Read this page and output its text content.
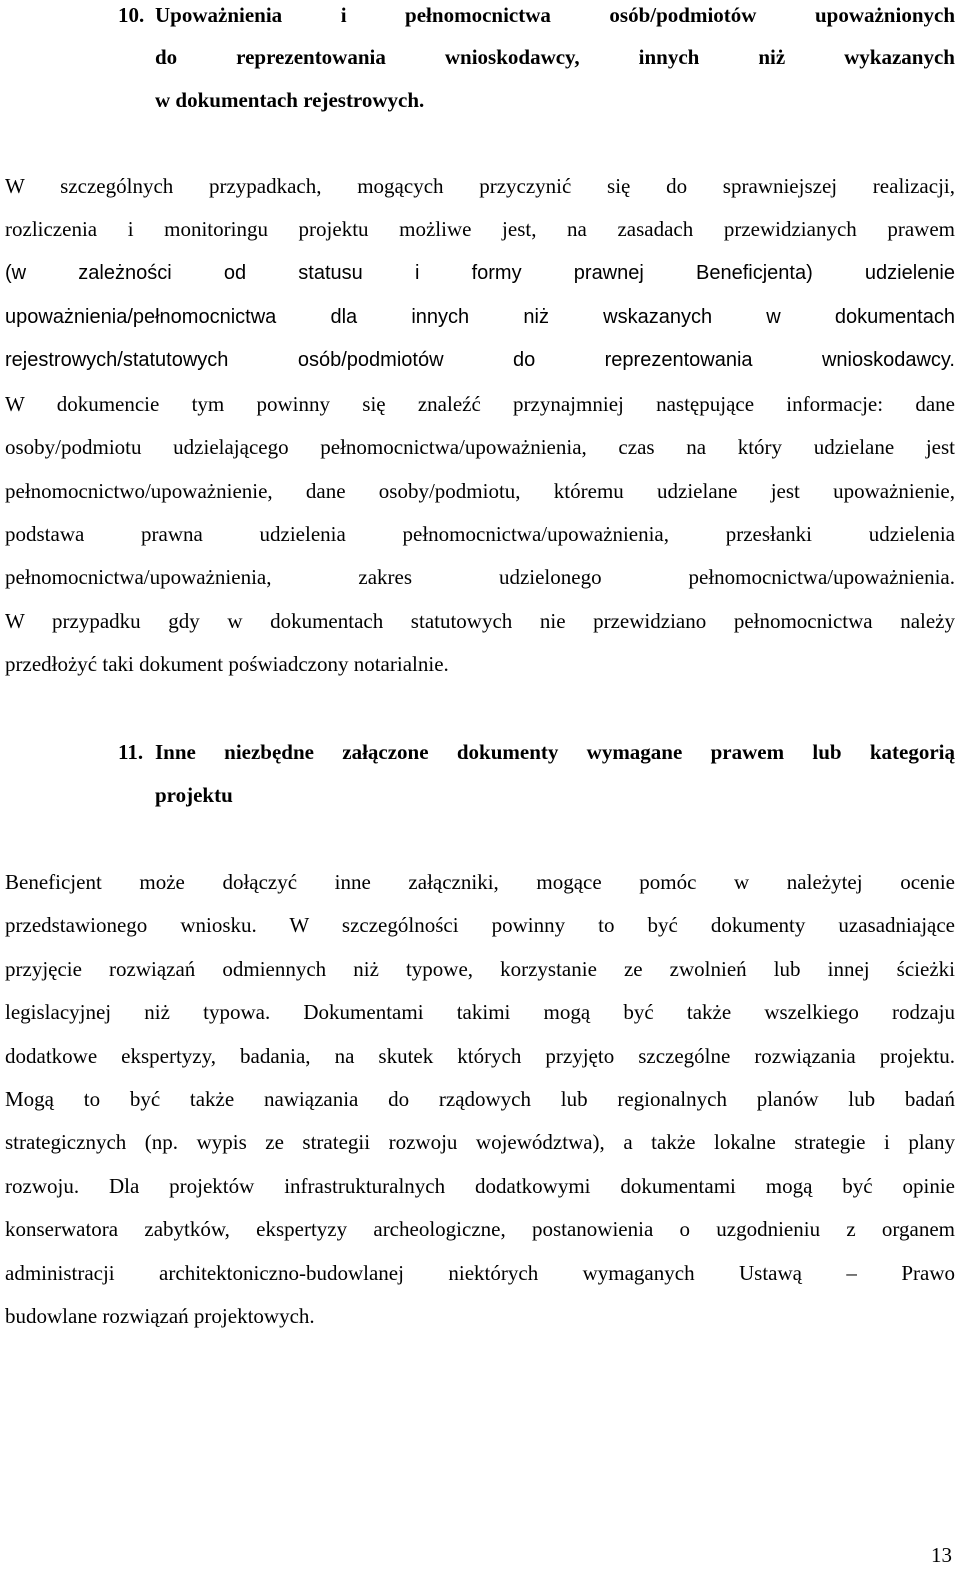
10. Upoważnienia i pełnomocnictwa osób/podmiotów upoważnionych
do reprezentowania wnioskodawcy, innych niż wykazanych
w dokumentach rejestrowych.
W szczególnych przypadkach, mogących przyczynić się do sprawniejszej realizacji,
rozliczenia i monitoringu projektu możliwe jest, na zasadach przewidzianych prawem
(w zależności od statusu i formy prawnej Beneficjenta) udzielenie
upoważnienia/pełnomocnictwa dla innych niż wskazanych w dokumentach
rejestrowych/statutowych osób/podmiotów do reprezentowania wnioskodawcy.
W dokumencie tym powinny się znaleźć przynajmniej następujące informacje: dane
osoby/podmiotu udzielającego pełnomocnictwa/upoważnienia, czas na który udzielane jest
pełnomocnictwo/upoważnienie, dane osoby/podmiotu, któremu udzielane jest upoważnienie,
podstawa prawna udzielenia pełnomocnictwa/upoważnienia, przesłanki udzielenia
pełnomocnictwa/upoważnienia, zakres udzielonego pełnomocnictwa/upoważnienia.
W przypadku gdy w dokumentach statutowych nie przewidziano pełnomocnictwa należy
przedłożyć taki dokument poświadczony notarialnie.
11. Inne niezbędne załączone dokumenty wymagane prawem lub kategorią
projektu
Beneficjent może dołączyć inne załączniki, mogące pomóc w należytej ocenie
przedstawionego wniosku. W szczególności powinny to być dokumenty uzasadniające
przyjęcie rozwiązań odmiennych niż typowe, korzystanie ze zwolnień lub innej ścieżki
legislacyjnej niż typowa. Dokumentami takimi mogą być także wszelkiego rodzaju
dodatkowe ekspertyzy, badania, na skutek których przyjęto szczególne rozwiązania projektu.
Mogą to być także nawiązania do rządowych lub regionalnych planów lub badań
strategicznych (np. wypis ze strategii rozwoju województwa), a także lokalne strategie i plany
rozwoju. Dla projektów infrastrukturalnych dodatkowymi dokumentami mogą być opinie
konserwatora zabytków, ekspertyzy archeologiczne, postanowienia o uzgodnieniu z organem
administracji architektoniczno-budowlanej niektórych wymaganych Ustawą – Prawo
budowlane rozwiązań projektowych.
13
